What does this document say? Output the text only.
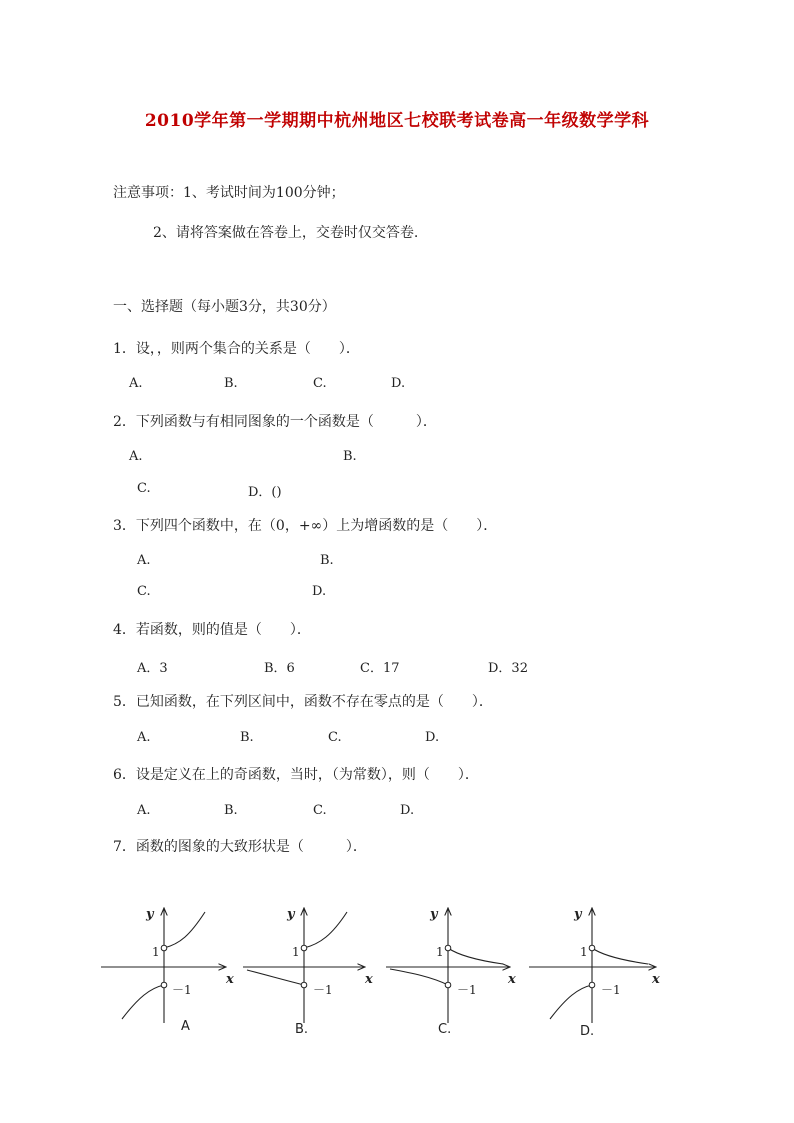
2010学年第一学期期中杭州地区七校联考试卷高一年级数学学科
注意事项：1、考试时间为100分钟；
2、请将答案做在答卷上，交卷时仅交答卷.
一、选择题（每小题3分，共30分）
1．设，，则两个集合的关系是（　　）．
A.	B.	C.	D.
2．下列函数与有相同图象的一个函数是（　　　）．
A.	B.
C.	D．()
3．下列四个函数中，在（0，+∞）上为增函数的是（　　）．
A.	B.
C.	D.
4．若函数，则的值是（　　）．
A．3	B．6	C．17	D．32
5．已知函数，在下列区间中，函数不存在零点的是（　　）．
A.	B.	C.	D.
6．设是定义在上的奇函数，当时，（为常数），则（　　）．
A.	B.	C.	D.
7．函数的图象的大致形状是（　　　）．
y
x
1
－1
A
y
x
1
－1
B.
y
x
1
－1
C.
y
x
1
－1
D.
